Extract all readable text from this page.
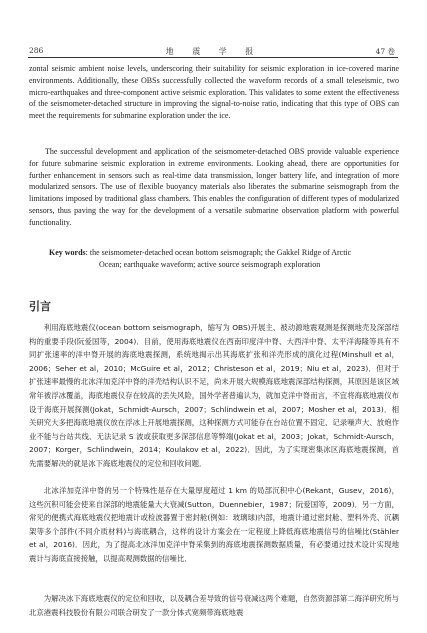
286	地 震 学 报	47 卷

zontal seismic ambient noise levels, underscoring their suitability for seismic exploration in ice-covered marine environments. Additionally, these OBSs successfully collected the waveform records of a small teleseismic, two micro-earthquakes and three-component active seismic exploration. This validates to some extent the effectiveness of the seismometer-detached structure in improving the signal-to-noise ratio, indicating that this type of OBS can meet the requirements for submarine exploration under the ice.

The successful development and application of the seismometer-detached OBS provide valuable experience for future submarine seismic exploration in extreme environments. Looking ahead, there are opportunities for further enhancement in sensors such as real-time data transmission, longer battery life, and integration of more modularized sensors. The use of flexible buoyancy materials also liberates the submarine seismograph from the limitations imposed by traditional glass chambers. This enables the configuration of different types of modularized sensors, thus paving the way for the development of a versatile submarine observation platform with powerful functionality.

Key words: the seismometer-detached ocean bottom seismograph; the Gakkel Ridge of Arctic
Ocean; earthquake waveform; active source seismograph exploration

引言

利用海底地震仪(ocean bottom seismograph，缩写为 OBS)开展主、被动源地震观测是探测地壳及深部结构的重要手段(阮爱国等，2004)．目前，使用海底地震仪在西南印度洋中脊、大西洋中脊、太平洋海隆等具有不同扩张速率的洋中脊开展的海底地震探测，系统地揭示出其海底扩张和洋壳形成的演化过程(Minshull et al，2006；Seher et al，2010；McGuire et al，2012；Christeson et al，2019；Niu et al，2023)．但对于扩张速率最慢的北冰洋加克洋中脊的洋壳结构认识不足，尚未开展大规模海底地震深部结构探测，其原因是该区域常年被浮冰覆盖，海底地震仪存在较高的丢失风险，国外学者普遍认为，就加克洋中脊而言，不宜将海底地震仪布设于海底开展探测(Jokat，Schmidt-Aursch，2007；Schlindwein et al，2007；Mosher et al，2013)．相关研究大多把海底地震仪放在浮冰上开展地震探测，这种探测方式可能存在台站位置不固定、记录噪声大、放炮作业不能与台站共线、无法记录 S 波或获取更多深部信息等弊端(Jokat et al，2003；Jokat，Schmidt-Aursch，2007；Korger，Schlindwein，2014；Koulakov et al，2022)．因此，为了实现密集冰区海底地震探测，首先需要解决的就是冰下海底地震仪的定位和回收问题．

北冰洋加克洋中脊的另一个特殊性是存在大量厚度超过 1 km 的局部沉积中心(Rekant，Gusev，2016)，这些沉积可能会使来自深部的地震能量大大衰减(Sutton，Duennebier，1987；阮爱国等，2009)．另一方面，常见的便携式海底地震仪把地震计或检波器置于密封舱(例如：玻璃球)内部，地震计通过密封舱、塑料外壳、沉耦架等多个部件(不同介质材料)与海底耦合，这样的设计方案会在一定程度上降低海底地震信号的信噪比(Stähler et al，2016)．因此，为了提高北冰洋加克洋中脊采集到的海底地震探测数据质量，有必要通过技术设计实现地震计与海底直接接触，以提高观测数据的信噪比．

为解决冰下海底地震仪的定位和回收，以及耦合差导致的信号衰减这两个难题，自然资源部第二海洋研究所与北京港震科技股份有限公司联合研发了一款分体式宽频带海底地震
